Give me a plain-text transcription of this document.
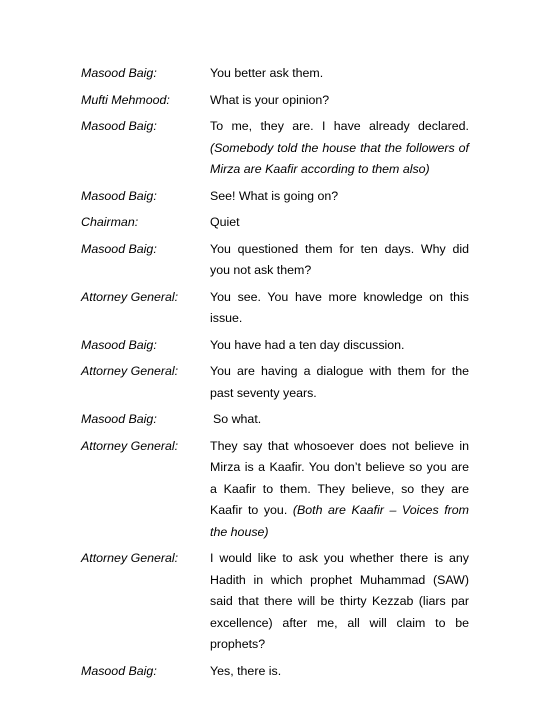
Masood Baig:	You better ask them.
Mufti Mehmood:	What is your opinion?
Masood Baig:	To me, they are. I have already declared. (Somebody told the house that the followers of Mirza are Kaafir according to them also)
Masood Baig:	See! What is going on?
Chairman:	Quiet
Masood Baig:	You questioned them for ten days. Why did you not ask them?
Attorney General:	You see. You have more knowledge on this issue.
Masood Baig:	You have had a ten day discussion.
Attorney General:	You are having a dialogue with them for the past seventy years.
Masood Baig:	So what.
Attorney General:	They say that whosoever does not believe in Mirza is a Kaafir. You don’t believe so you are a Kaafir to them. They believe, so they are Kaafir to you. (Both are Kaafir – Voices from the house)
Attorney General:	I would like to ask you whether there is any Hadith in which prophet Muhammad (SAW) said that there will be thirty Kezzab (liars par excellence) after me, all will claim to be prophets?
Masood Baig:	Yes, there is.
